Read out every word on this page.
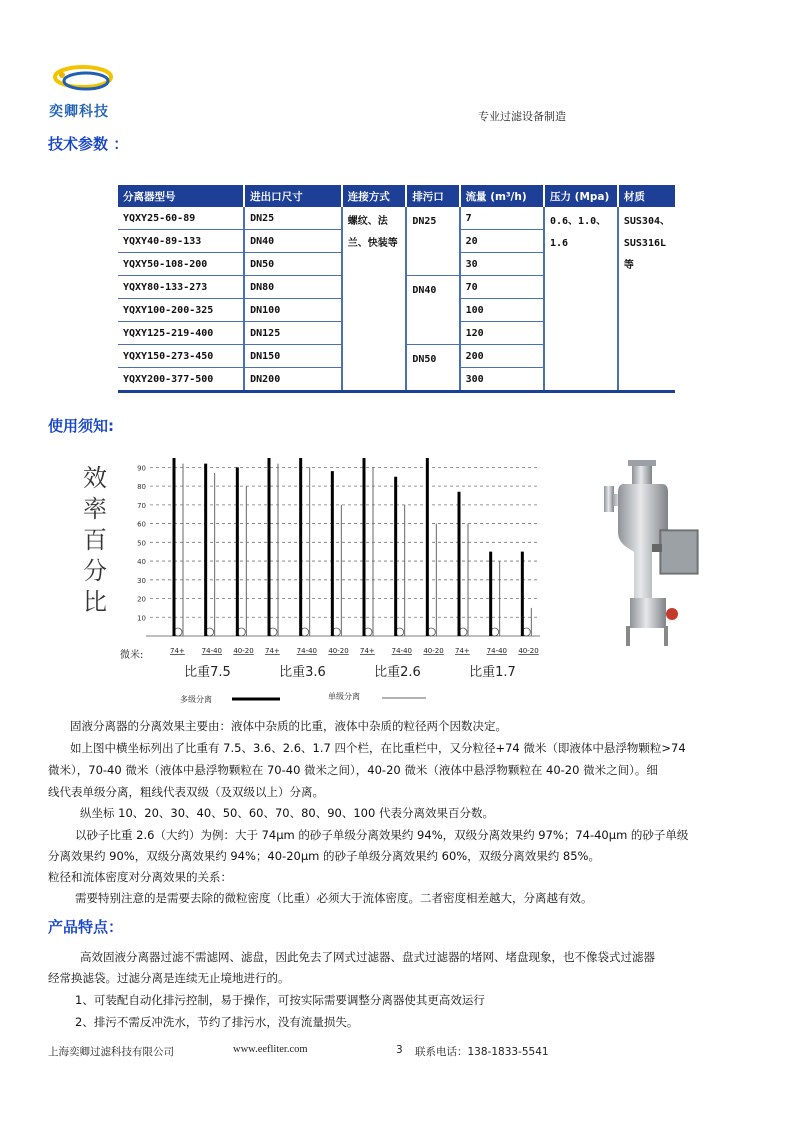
奕卿科技	专业过滤设备制造
技术参数 ：
分离器型号	进出口尺寸	连接方式	排污口	流量 (m³/h)	压力 (Mpa)	材质
YQXY25-60-89	DN25	螺纹、法兰、快装等	DN25	7	0.6、1.0、1.6	SUS304、SUS316L等
YQXY40-89-133	DN40			20		
YQXY50-108-200	DN50			30		
YQXY80-133-273	DN80		DN40	70		
YQXY100-200-325	DN100			100		
YQXY125-219-400	DN125			120		
YQXY150-273-450	DN150		DN50	200		
YQXY200-377-500	DN200			300		
使用须知:
效
率
百
分
比
10
20
30
40
50
60
70
80
90
微米:	74+ 74-40 40-20
比重7.5
74+ 74-40 40-20
比重3.6
74+ 74-40 40-20
比重2.6
74+ 74-40 40-20
比重1.7
多级分离	单级分离
固液分离器的分离效果主要由：液体中杂质的比重，液体中杂质的粒径两个因数决定。
如上图中横坐标列出了比重有 7.5、3.6、2.6、1.7 四个栏，在比重栏中，又分粒径+74 微米（即液体中悬浮物颗粒>74
微米），70-40 微米（液体中悬浮物颗粒在 70-40 微米之间），40-20 微米（液体中悬浮物颗粒在 40-20 微米之间）。细
线代表单级分离，粗线代表双级（及双级以上）分离。
纵坐标 10、20、30、40、50、60、70、80、90、100 代表分离效果百分数。
以砂子比重 2.6（大约）为例：大于 74μm 的砂子单级分离效果约 94%，双级分离效果约 97%；74-40μm 的砂子单级
分离效果约 90%，双级分离效果约 94%；40-20μm 的砂子单级分离效果约 60%，双级分离效果约 85%。
粒径和流体密度对分离效果的关系：
需要特别注意的是需要去除的微粒密度（比重）必须大于流体密度。二者密度相差越大，分离越有效。
产品特点：
高效固液分离器过滤不需滤网、滤盘，因此免去了网式过滤器、盘式过滤器的堵网、堵盘现象，也不像袋式过滤器
经常换滤袋。过滤分离是连续无止境地进行的。
1、可装配自动化排污控制，易于操作，可按实际需要调整分离器使其更高效运行
2、排污不需反冲洗水，节约了排污水，没有流量损失。
上海奕卿过滤科技有限公司	www.eefliter.com	3 联系电话：138-1833-5541
